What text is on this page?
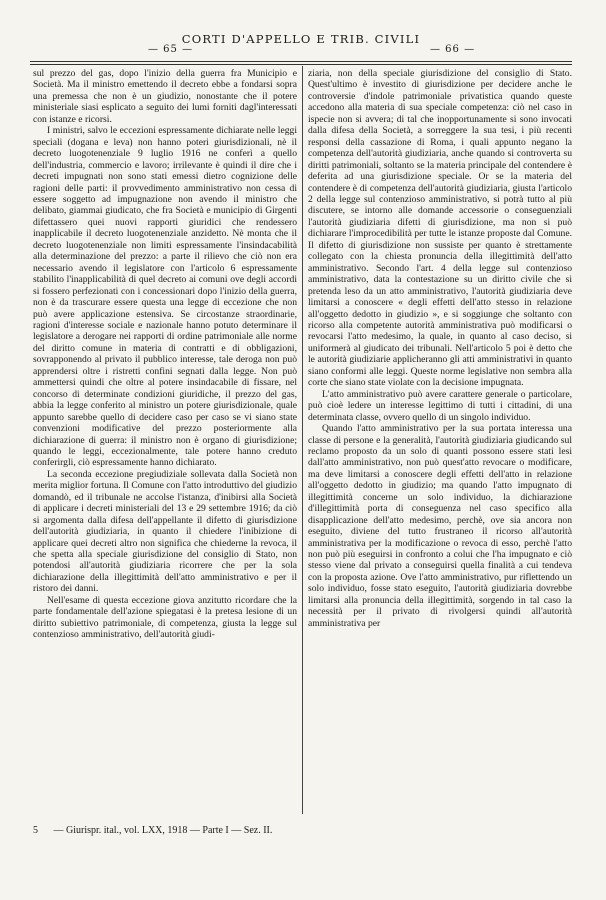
— 65 —
CORTI D'APPELLO E TRIB. CIVILI
— 66 —

sul prezzo del gas, dopo l'inizio della guerra fra Municipio e Società. Ma il ministro emettendo il decreto ebbe a fondarsi sopra una premessa che non è un giudizio, nonostante che il potere ministeriale siasi esplicato a seguito dei lumi forniti dagl'interessati con istanze e ricorsi.

I ministri, salvo le eccezioni espressamente dichiarate nelle leggi speciali (dogana e leva) non hanno poteri giurisdizionali, nè il decreto luogotenenziale 9 luglio 1916 ne conferì a quello dell'industria, commercio e lavoro; irrilevante è quindi il dire che i decreti impugnati non sono stati emessi dietro cognizione delle ragioni delle parti: il provvedimento amministrativo non cessa di essere soggetto ad impugnazione non avendo il ministro che delibato, giammai giudicato, che fra Società e municipio di Girgenti difettassero quei nuovi rapporti giuridici che rendessero inapplicabile il decreto luogotenenziale anzidetto. Nè monta che il decreto luogotenenziale non limiti espressamente l'insindacabilità alla determinazione del prezzo: a parte il rilievo che ciò non era necessario avendo il legislatore con l'articolo 6 espressamente stabilito l'inapplicabilità di quel decreto ai comuni ove degli accordi si fossero perfezionati con i concessionari dopo l'inizio della guerra, non è da trascurare essere questa una legge di eccezione che non può avere applicazione estensiva. Se circostanze straordinarie, ragioni d'interesse sociale e nazionale hanno potuto determinare il legislatore a derogare nei rapporti di ordine patrimoniale alle norme del diritto comune in materia di contratti e di obbligazioni, sovrapponendo al privato il pubblico interesse, tale deroga non può apprendersi oltre i ristretti confini segnati dalla legge. Non può ammettersi quindi che oltre al potere insindacabile di fissare, nel concorso di determinate condizioni giuridiche, il prezzo del gas, abbia la legge conferito al ministro un potere giurisdizionale, quale appunto sarebbe quello di decidere caso per caso se vi siano state convenzioni modificative del prezzo posteriormente alla dichiarazione di guerra: il ministro non è organo di giurisdizione; quando le leggi, eccezionalmente, tale potere hanno creduto conferirgli, ciò espressamente hanno dichiarato.

La seconda eccezione pregiudiziale sollevata dalla Società non merita miglior fortuna. Il Comune con l'atto introduttivo del giudizio domandò, ed il tribunale ne accolse l'istanza, d'inibirsi alla Società di applicare i decreti ministeriali del 13 e 29 settembre 1916; da ciò si argomenta dalla difesa dell'appellante il difetto di giurisdizione dell'autorità giudiziaria, in quanto il chiedere l'inibizione di applicare quei decreti altro non significa che chiederne la revoca, il che spetta alla speciale giurisdizione del consiglio di Stato, non potendosi all'autorità giudiziaria ricorrere che per la sola dichiarazione della illegittimità dell'atto amministrativo e per il ristoro dei danni.

Nell'esame di questa eccezione giova anzitutto ricordare che la parte fondamentale dell'azione spiegatasi è la pretesa lesione di un diritto subiettivo patrimoniale, di competenza, giusta la legge sul contenzioso amministrativo, dell'autorità giudi-

ziaria, non della speciale giurisdizione del consiglio di Stato. Quest'ultimo è investito di giurisdizione per decidere anche le controversie d'indole patrimoniale privatistica quando queste accedono alla materia di sua speciale competenza: ciò nel caso in ispecie non si avvera; di tal che inopportunamente si sono invocati dalla difesa della Società, a sorreggere la sua tesi, i più recenti responsi della cassazione di Roma, i quali appunto negano la competenza dell'autorità giudiziaria, anche quando si controverta su diritti patrimoniali, soltanto se la materia principale del contendere è deferita ad una giurisdizione speciale. Or se la materia del contendere è di competenza dell'autorità giudiziaria, giusta l'articolo 2 della legge sul contenzioso amministrativo, si potrà tutto al più discutere, se intorno alle domande accessorie o conseguenziali l'autorità giudiziaria difetti di giurisdizione, ma non si può dichiarare l'improcedibilità per tutte le istanze proposte dal Comune. Il difetto di giurisdizione non sussiste per quanto è strettamente collegato con la chiesta pronuncia della illegittimità dell'atto amministrativo. Secondo l'art. 4 della legge sul contenzioso amministrativo, data la contestazione su un diritto civile che si pretenda leso da un atto amministrativo, l'autorità giudiziaria deve limitarsi a conoscere « degli effetti dell'atto stesso in relazione all'oggetto dedotto in giudizio », e si soggiunge che soltanto con ricorso alla competente autorità amministrativa può modificarsi o revocarsi l'atto medesimo, la quale, in quanto al caso deciso, si uniformerà al giudicato dei tribunali. Nell'articolo 5 poi è detto che le autorità giudiziarie applicheranno gli atti amministrativi in quanto siano conformi alle leggi. Queste norme legislative non sembra alla corte che siano state violate con la decisione impugnata.

L'atto amministrativo può avere carattere generale o particolare, può cioè ledere un interesse legittimo di tutti i cittadini, di una determinata classe, ovvero quello di un singolo individuo.

Quando l'atto amministrativo per la sua portata interessa una classe di persone e la generalità, l'autorità giudiziaria giudicando sul reclamo proposto da un solo di quanti possono essere stati lesi dall'atto amministrativo, non può quest'atto revocare o modificare, ma deve limitarsi a conoscere degli effetti dell'atto in relazione all'oggetto dedotto in giudizio; ma quando l'atto impugnato di illegittimità concerne un solo individuo, la dichiarazione d'illegittimità porta di conseguenza nel caso specifico alla disapplicazione dell'atto medesimo, perchè, ove sia ancora non eseguito, diviene del tutto frustraneo il ricorso all'autorità amministrativa per la modificazione o revoca di esso, perchè l'atto non può più eseguirsi in confronto a colui che l'ha impugnato e ciò stesso viene dal privato a conseguirsi quella finalità a cui tendeva con la proposta azione. Ove l'atto amministrativo, pur riflettendo un solo individuo, fosse stato eseguito, l'autorità giudiziaria dovrebbe limitarsi alla pronuncia della illegittimità, sorgendo in tal caso la necessità per il privato di rivolgersi quindi all'autorità amministrativa per

5 — Giurispr. ital., vol. LXX, 1918 — Parte I — Sez. II.
